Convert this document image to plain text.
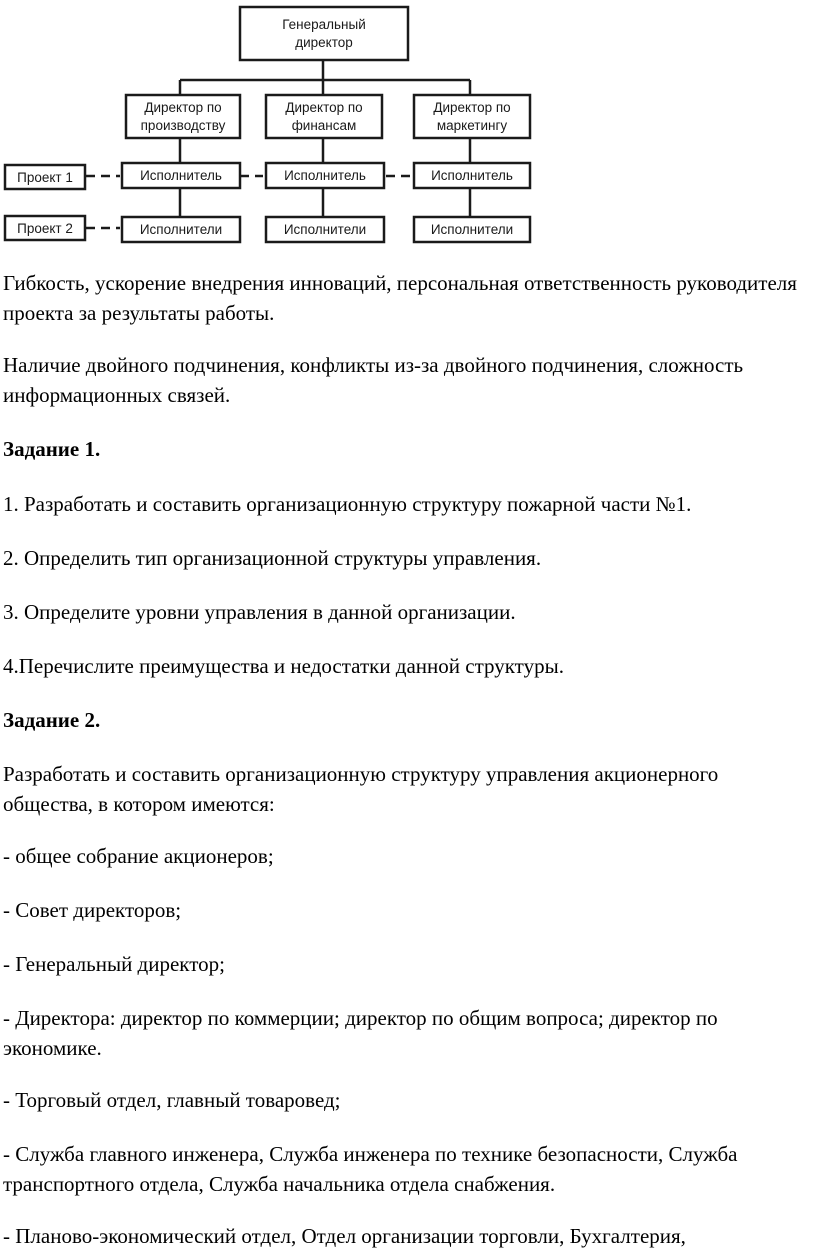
Генеральный
директор
Директор по
производству
Директор по
финансам
Директор по
маркетингу
Проект 1
Проект 2
Исполнитель	Исполнитель	Исполнитель
Исполнители	Исполнители	Исполнители

Гибкость, ускорение внедрения инноваций, персональная ответственность руководителя проекта за результаты работы.

Наличие двойного подчинения, конфликты из-за двойного подчинения, сложность информационных связей.

Задание 1.

1. Разработать и составить организационную структуру пожарной части №1.

2. Определить тип организационной структуры управления.

3. Определите уровни управления в данной организации.

4.Перечислите преимущества и недостатки данной структуры.

Задание 2.

Разработать и составить организационную структуру управления акционерного общества, в котором имеются:

- общее собрание акционеров;

- Совет директоров;

- Генеральный директор;

- Директора: директор по коммерции; директор по общим вопроса; директор по экономике.

- Торговый отдел, главный товаровед;

- Служба главного инженера, Служба инженера по технике безопасности, Служба транспортного отдела, Служба начальника отдела снабжения.

- Планово-экономический отдел, Отдел организации торговли, Бухгалтерия,
